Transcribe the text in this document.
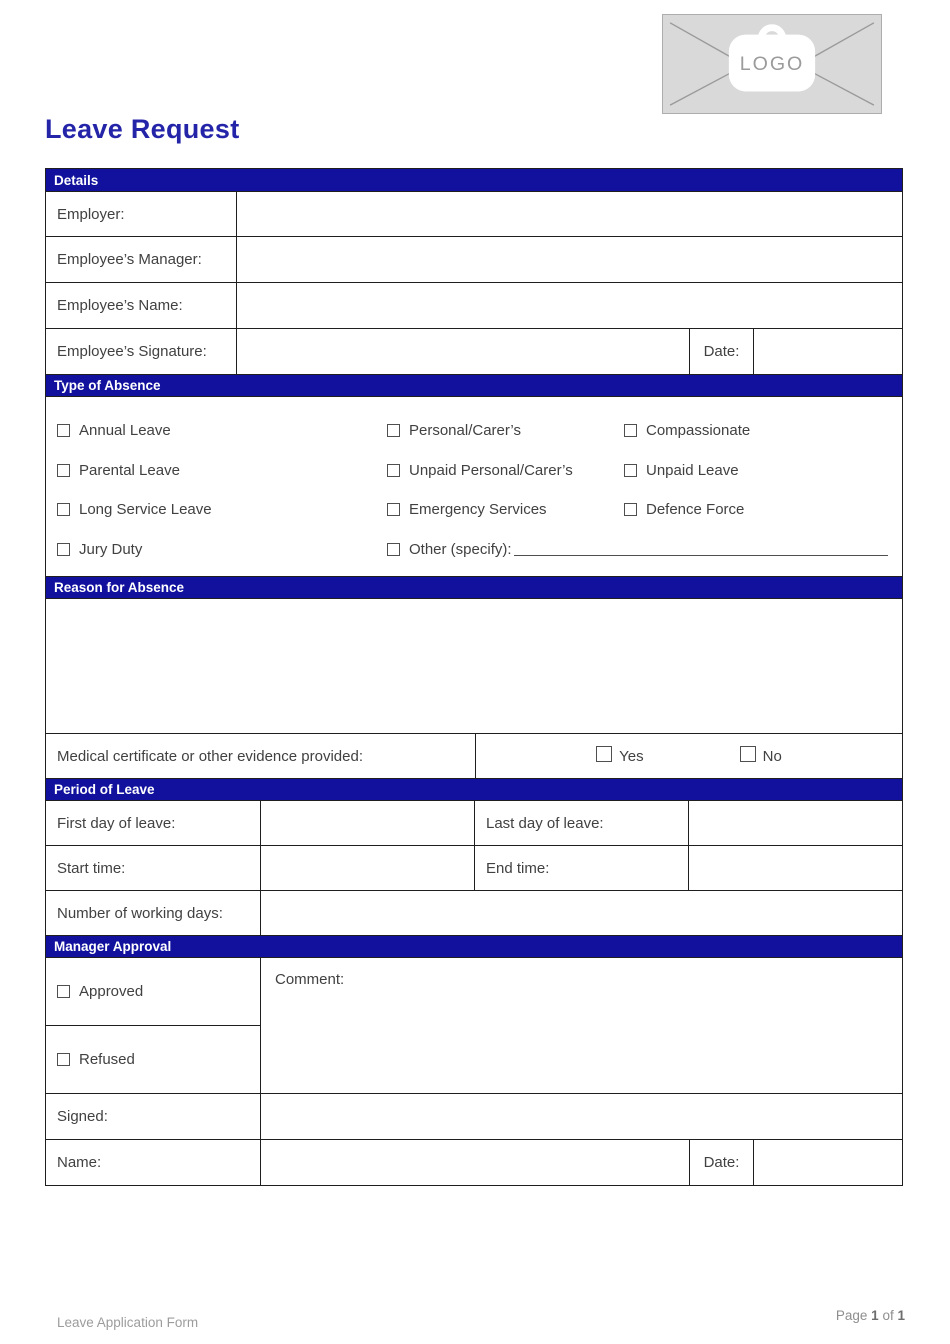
LOGO
Leave Request
Details
Employer:
Employee’s Manager:
Employee’s Name:
Employee’s Signature:	Date:
Type of Absence
Annual Leave	Personal/Carer’s	Compassionate
Parental Leave	Unpaid Personal/Carer’s	Unpaid Leave
Long Service Leave	Emergency Services	Defence Force
Jury Duty	Other (specify):
Reason for Absence
Medical certificate or other evidence provided:	Yes	No
Period of Leave
First day of leave:	Last day of leave:
Start time:	End time:
Number of working days:
Manager Approval
Approved
Refused
Comment:
Signed:
Name:	Date:
Leave Application Form	Page 1 of 1
